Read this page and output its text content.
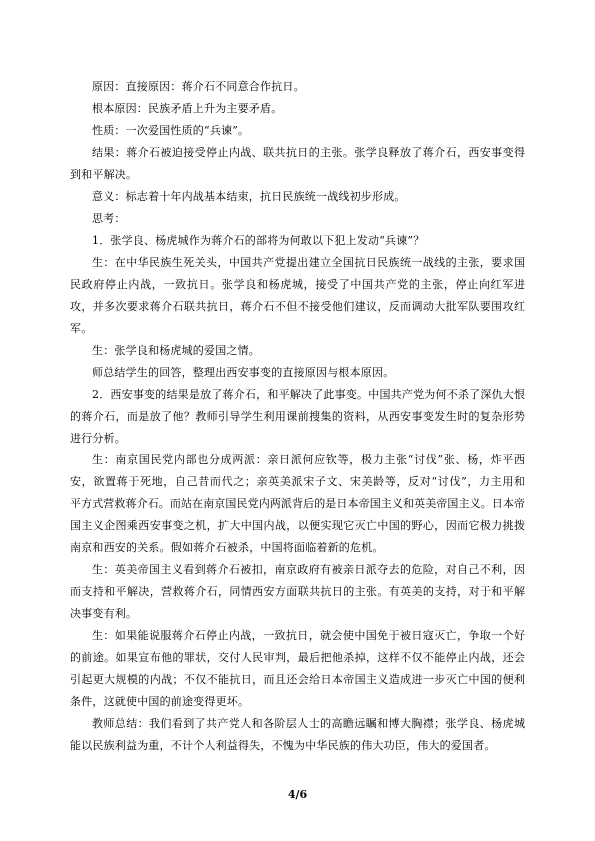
原因：直接原因：蒋介石不同意合作抗日。
根本原因：民族矛盾上升为主要矛盾。
性质：一次爱国性质的“兵谏”。
结果：蒋介石被迫接受停止内战、联共抗日的主张。张学良释放了蒋介石，西安事变得
到和平解决。
意义：标志着十年内战基本结束，抗日民族统一战线初步形成。
思考：
1．张学良、杨虎城作为蒋介石的部将为何敢以下犯上发动“兵谏”？
生：在中华民族生死关头，中国共产党提出建立全国抗日民族统一战线的主张，要求国
民政府停止内战，一致抗日。张学良和杨虎城，接受了中国共产党的主张，停止向红军进
攻，并多次要求蒋介石联共抗日，蒋介石不但不接受他们建议，反而调动大批军队要围攻红
军。
生：张学良和杨虎城的爱国之情。
师总结学生的回答，整理出西安事变的直接原因与根本原因。
2．西安事变的结果是放了蒋介石，和平解决了此事变。中国共产党为何不杀了深仇大恨
的蒋介石，而是放了他？教师引导学生利用课前搜集的资料，从西安事变发生时的复杂形势
进行分析。
生：南京国民党内部也分成两派：亲日派何应钦等，极力主张“讨伐”张、杨，炸平西
安，欲置蒋于死地，自己昔而代之；亲英美派宋子文、宋美龄等，反对“讨伐”，力主用和
平方式营救蒋介石。而站在南京国民党内两派背后的是日本帝国主义和英美帝国主义。日本帝
国主义企图乘西安事变之机，扩大中国内战，以便实现它灭亡中国的野心，因而它极力挑拨
南京和西安的关系。假如蒋介石被杀，中国将面临着新的危机。
生：英美帝国主义看到蒋介石被扣，南京政府有被亲日派夺去的危险，对自己不利，因
而支持和平解决，营救蒋介石，同情西安方面联共抗日的主张。有英美的支持，对于和平解
决事变有利。
生：如果能说服蒋介石停止内战，一致抗日，就会使中国免于被日寇灭亡，争取一个好
的前途。如果宣布他的罪状，交付人民审判，最后把他杀掉，这样不仅不能停止内战，还会
引起更大规模的内战；不仅不能抗日，而且还会给日本帝国主义造成进一步灭亡中国的便利
条件，这就使中国的前途变得更坏。
教师总结：我们看到了共产党人和各阶层人士的高瞻远瞩和博大胸襟；张学良、杨虎城
能以民族利益为重，不计个人利益得失，不愧为中华民族的伟大功臣，伟大的爱国者。
4/6
